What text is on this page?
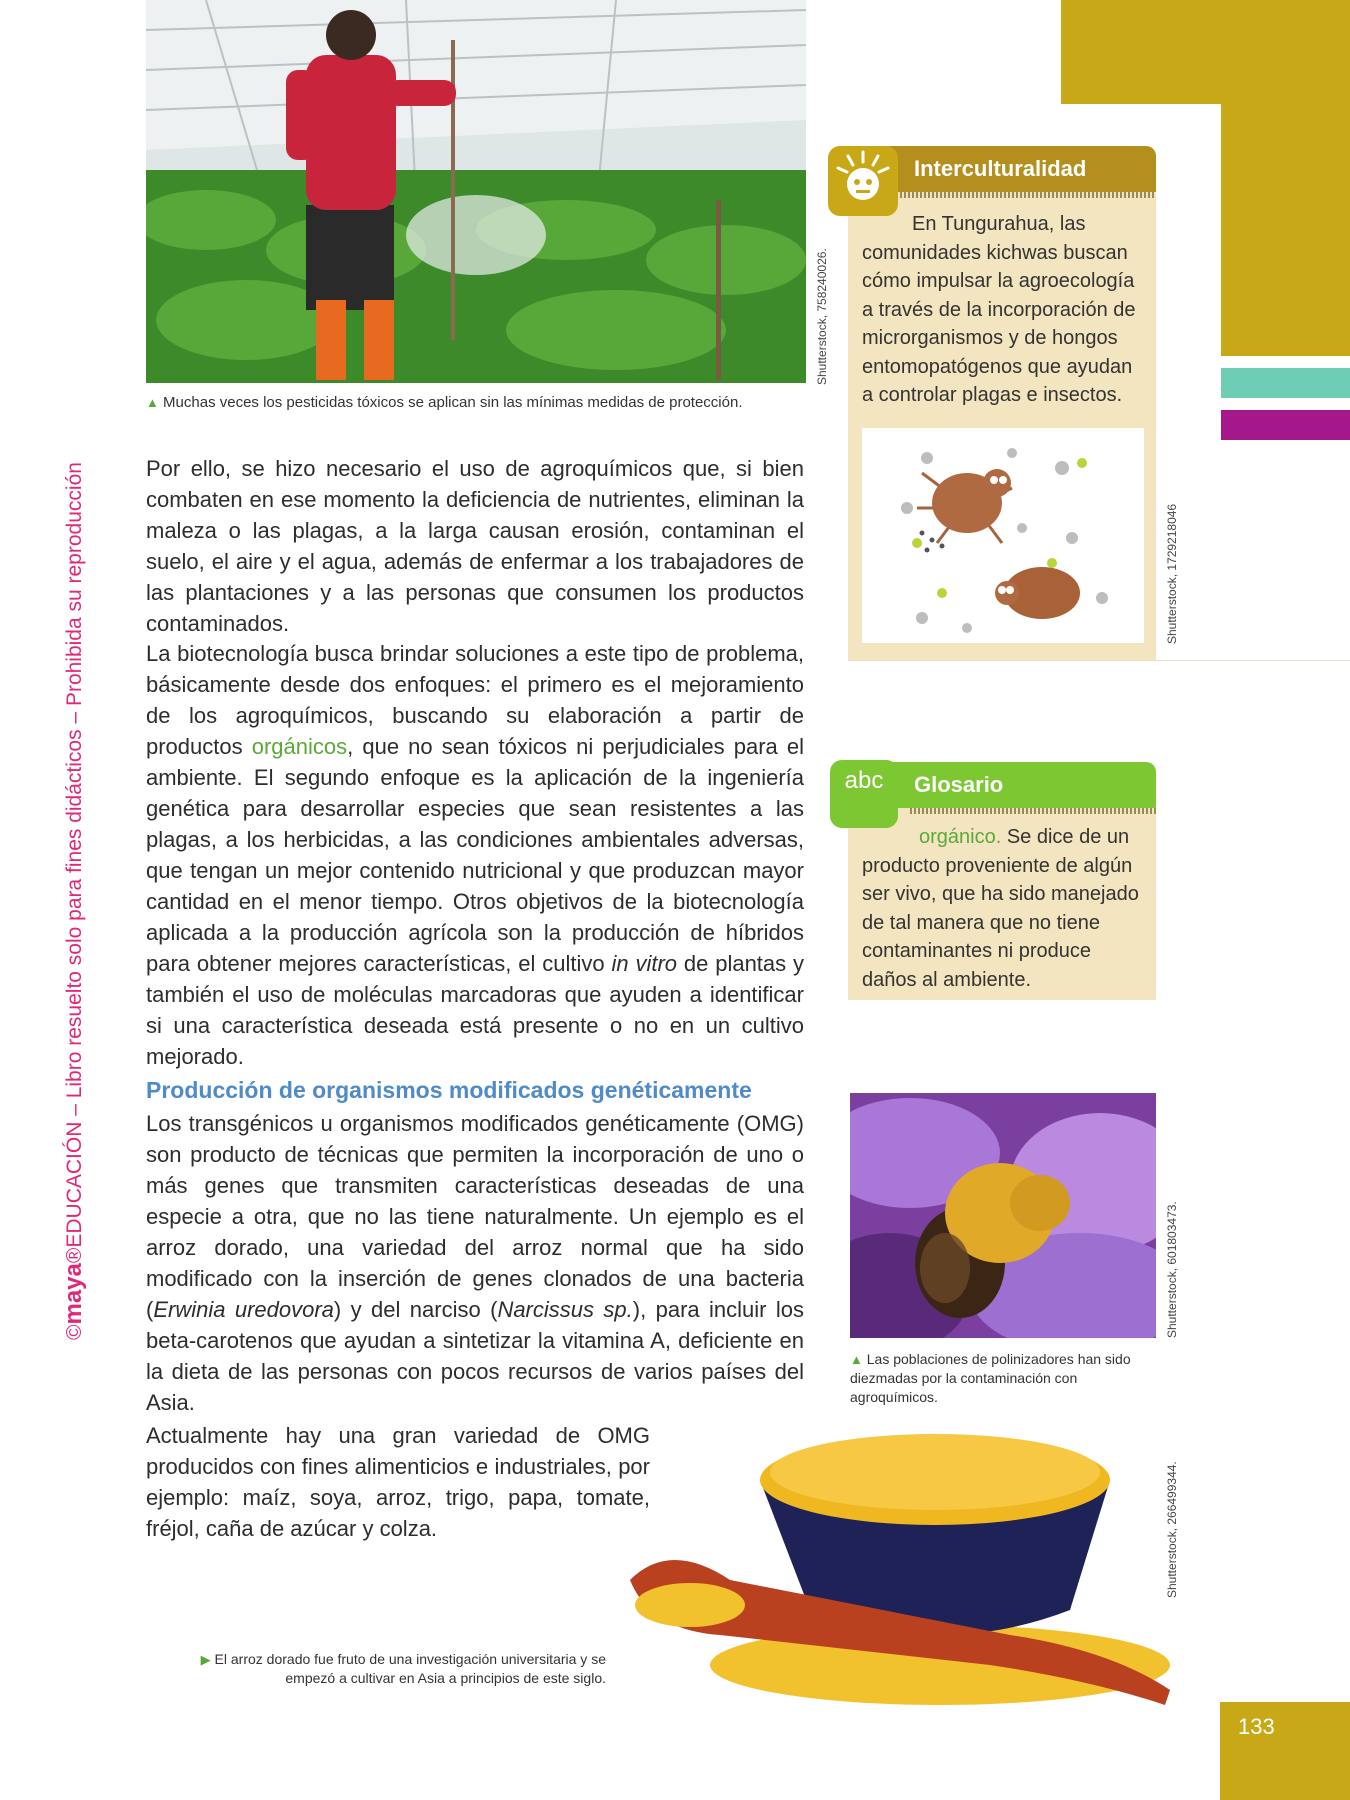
©maya®EDUCACIÓN – Libro resuelto solo para fines didácticos – Prohibida su reproducción
Shutterstock, 758240026.
▲ Muchas veces los pesticidas tóxicos se aplican sin las mínimas medidas de protección.

Por ello, se hizo necesario el uso de agroquímicos que, si bien combaten en ese momento la deficiencia de nutrientes, eliminan la maleza o las plagas, a la larga causan erosión, contaminan el suelo, el aire y el agua, además de enfermar a los trabajadores de las plantaciones y a las personas que consumen los productos contaminados.

La biotecnología busca brindar soluciones a este tipo de problema, básicamente desde dos enfoques: el primero es el mejoramiento de los agroquímicos, buscando su elaboración a partir de productos orgánicos, que no sean tóxicos ni perjudiciales para el ambiente. El segundo enfoque es la aplicación de la ingeniería genética para desarrollar especies que sean resistentes a las plagas, a los herbicidas, a las condiciones ambientales adversas, que tengan un mejor contenido nutricional y que produzcan mayor cantidad en el menor tiempo. Otros objetivos de la biotecnología aplicada a la producción agrícola son la producción de híbridos para obtener mejores características, el cultivo in vitro de plantas y también el uso de moléculas marcadoras que ayuden a identificar si una característica deseada está presente o no en un cultivo mejorado.

Producción de organismos modificados genéticamente

Los transgénicos u organismos modificados genéticamente (OMG) son producto de técnicas que permiten la incorporación de uno o más genes que transmiten características deseadas de una especie a otra, que no las tiene naturalmente. Un ejemplo es el arroz dorado, una variedad del arroz normal que ha sido modificado con la inserción de genes clonados de una bacteria (Erwinia uredovora) y del narciso (Narcissus sp.), para incluir los beta-carotenos que ayudan a sintetizar la vitamina A, deficiente en la dieta de las personas con pocos recursos de varios países del Asia.

Actualmente hay una gran variedad de OMG producidos con fines alimenticios e industriales, por ejemplo: maíz, soya, arroz, trigo, papa, tomate, fréjol, caña de azúcar y colza.

Interculturalidad
En Tungurahua, las comunidades kichwas buscan cómo impulsar la agroecología a través de la incorporación de microrganismos y de hongos entomopatógenos que ayudan a controlar plagas e insectos.
Shutterstock, 1729218046
Glosario
abc
orgánico. Se dice de un producto proveniente de algún ser vivo, que ha sido manejado de tal manera que no tiene contaminantes ni produce daños al ambiente.
Shutterstock, 601803473.
▲ Las poblaciones de polinizadores han sido diezmadas por la contaminación con agroquímicos.
Shutterstock, 266499344.
▶ El arroz dorado fue fruto de una investigación universitaria y se empezó a cultivar en Asia a principios de este siglo.
133
